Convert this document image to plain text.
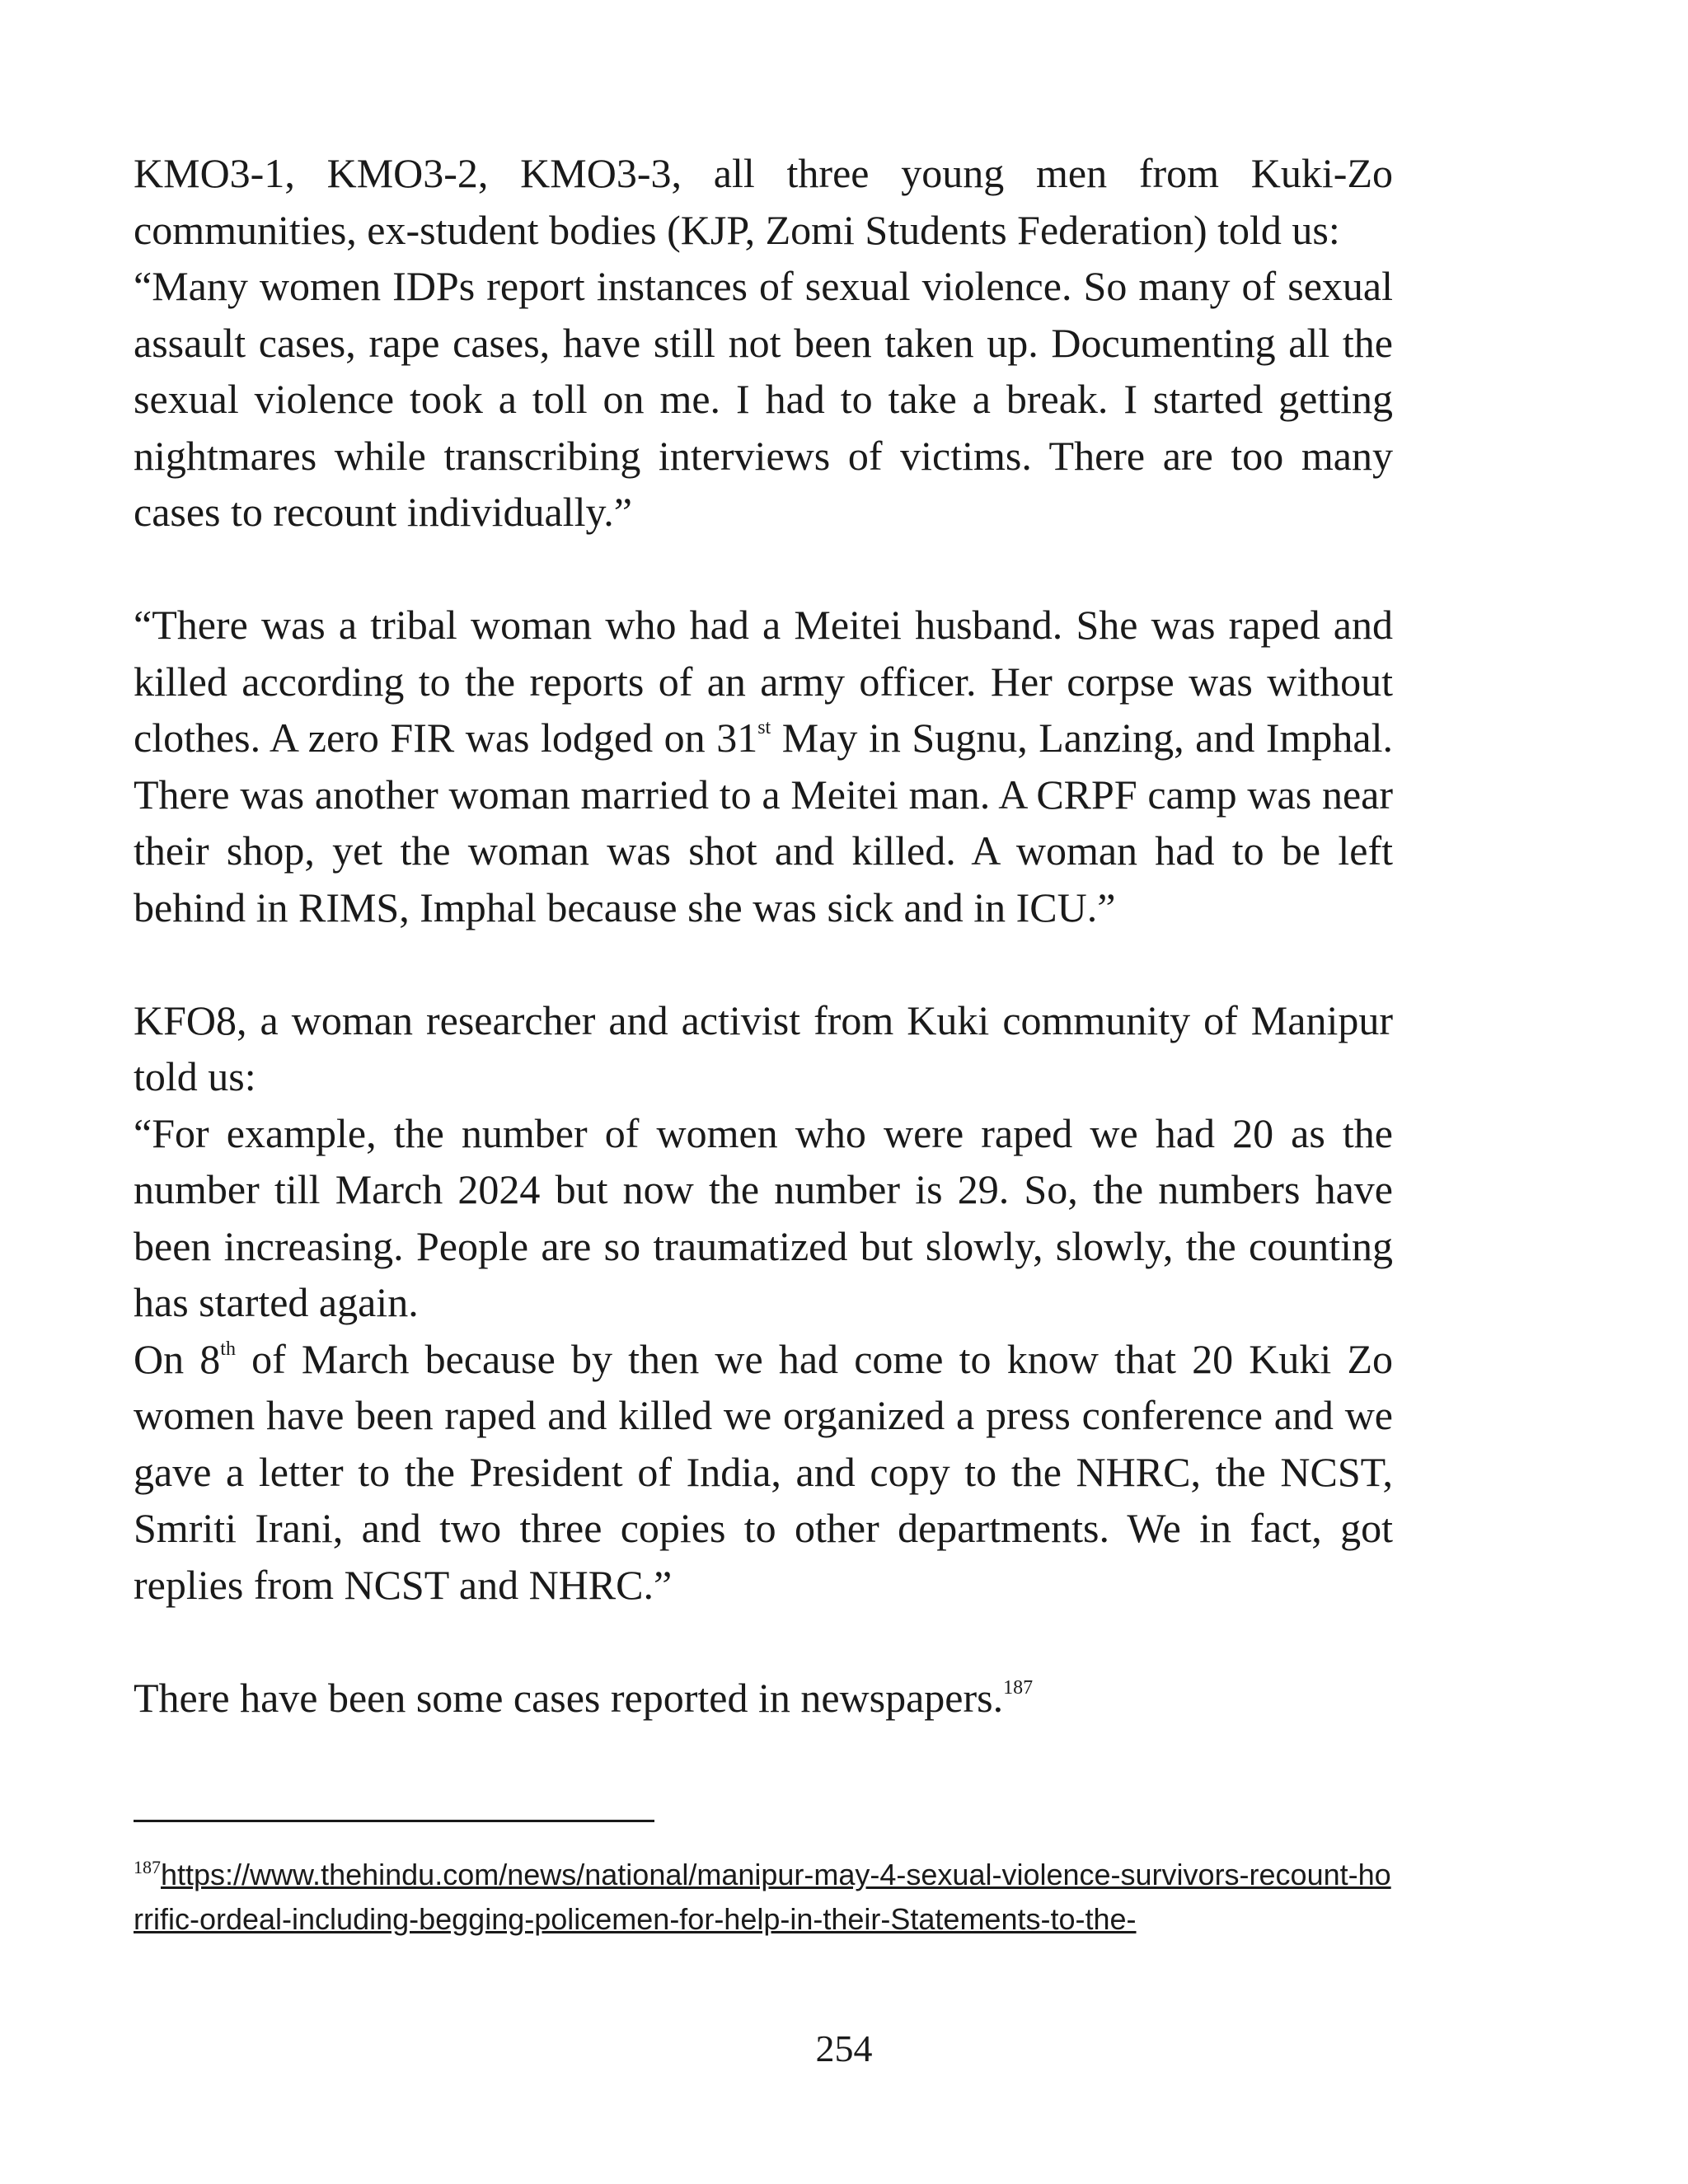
KMO3-1, KMO3-2, KMO3-3, all three young men from Kuki-Zo communities, ex-student bodies (KJP, Zomi Students Federation) told us:

“Many women IDPs report instances of sexual violence. So many of sexual assault cases, rape cases, have still not been taken up. Documenting all the sexual violence took a toll on me. I had to take a break. I started getting nightmares while transcribing interviews of victims. There are too many cases to recount individually.”

“There was a tribal woman who had a Meitei husband. She was raped and killed according to the reports of an army officer. Her corpse was without clothes. A zero FIR was lodged on 31st May in Sugnu, Lanzing, and Imphal. There was another woman married to a Meitei man. A CRPF camp was near their shop, yet the woman was shot and killed. A woman had to be left behind in RIMS, Imphal because she was sick and in ICU.”

KFO8, a woman researcher and activist from Kuki community of Manipur told us:

“For example, the number of women who were raped we had 20 as the number till March 2024 but now the number is 29. So, the numbers have been increasing. People are so traumatized but slowly, slowly, the counting has started again.

On 8th of March because by then we had come to know that 20 Kuki Zo women have been raped and killed we organized a press conference and we gave a letter to the President of India, and copy to the NHRC, the NCST, Smriti Irani, and two three copies to other departments. We in fact, got replies from NCST and NHRC.”

There have been some cases reported in newspapers.$^{187}$

$^{187}$https://www.thehindu.com/news/national/manipur-may-4-sexual-violence-survivors-recount-horrific-ordeal-including-begging-policemen-for-help-in-their-Statements-to-the-
254
